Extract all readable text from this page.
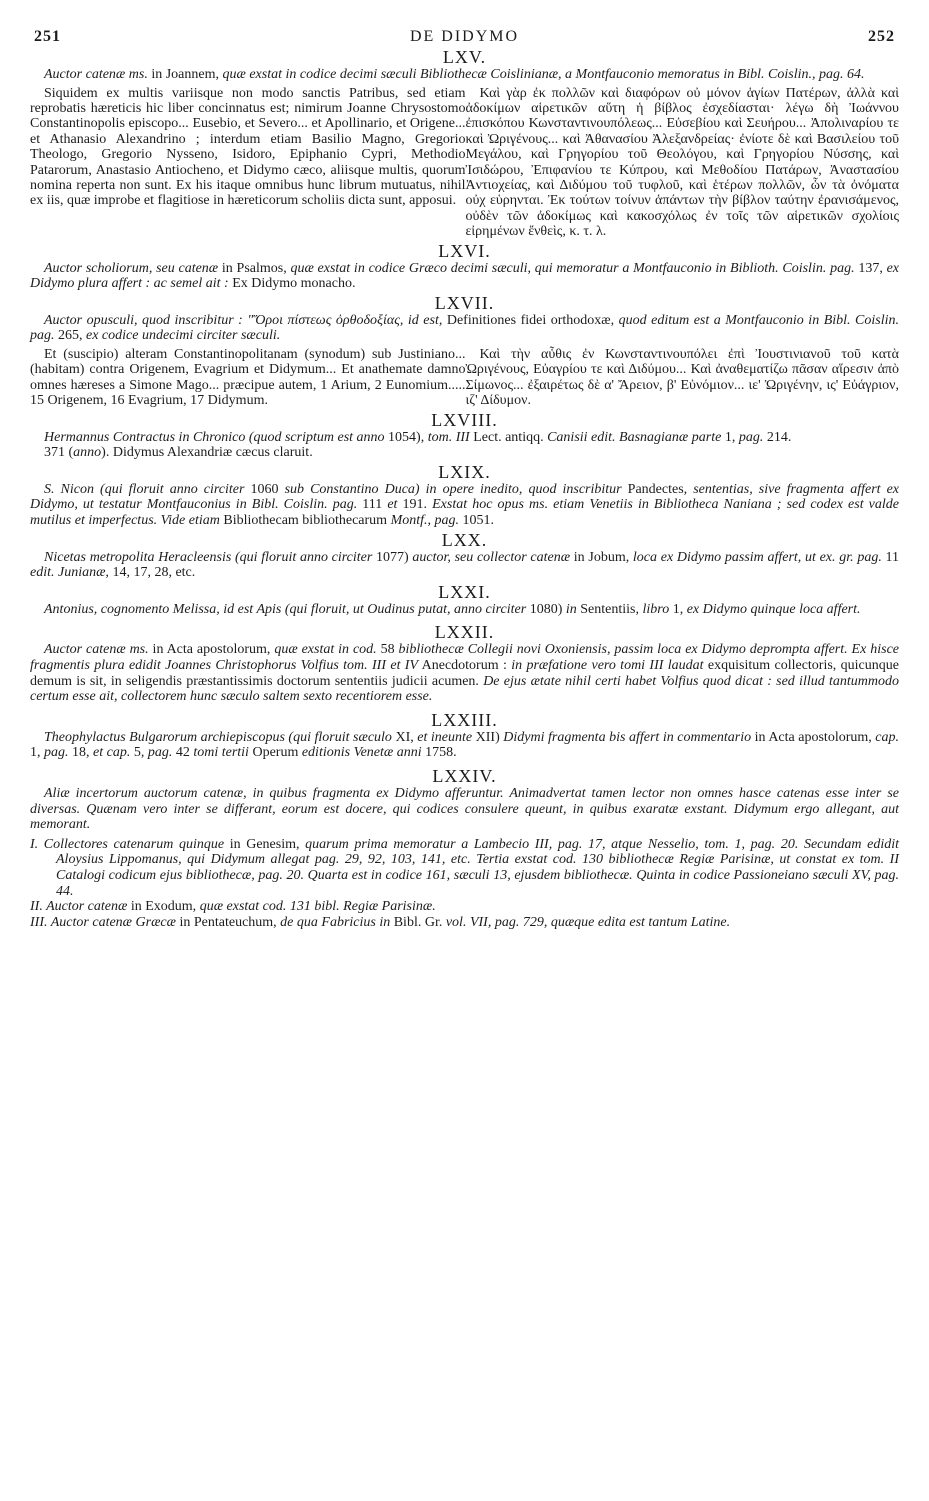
251	DE DIDYMO	252
LXV.

Auctor catenæ ms. in Joannem, quæ exstat in codice decimi sæculi Bibliothecæ Coislinianæ, a Montfauconio memoratus in Bibl. Coislin., pag. 64.

Siquidem ex multis variisque non modo sanctis Patribus, sed etiam reprobatis hæreticis hic liber concinnatus est; nimirum Joanne Chrysostomo Constantinopolis episcopo... Eusebio, et Severo... et Apollinario, et Origene... et Athanasio Alexandrino ; interdum etiam Basilio Magno, Gregorio Theologo, Gregorio Nysseno, Isidoro, Epiphanio Cypri, Methodio Patarorum, Anastasio Antiocheno, et Didymo cæco, aliisque multis, quorum nomina reperta non sunt. Ex his itaque omnibus hunc librum mutuatus, nihil ex iis, quæ improbe et flagitiose in hæreticorum scholiis dicta sunt, apposui.

Καὶ γὰρ ἐκ πολλῶν καὶ διαφόρων οὐ μόνον ἁγίων Πατέρων, ἀλλὰ καὶ ἀδοκίμων αἱρετικῶν αὕτη ἡ βίβλος ἐσχεδίασται· λέγω δὴ Ἰωάννου ἐπισκόπου Κωνσταντινουπόλεως... Εὐσεβίου καὶ Σευήρου... Ἀπολιναρίου τε καὶ Ὠριγένους... καὶ Ἀθανασίου Ἀλεξανδρείας· ἐνίοτε δὲ καὶ Βασιλείου τοῦ Μεγάλου, καὶ Γρηγορίου τοῦ Θεολόγου, καὶ Γρηγορίου Νύσσης, καὶ Ἰσιδώρου, Ἐπιφανίου τε Κύπρου, καὶ Μεθοδίου Πατάρων, Ἀναστασίου Ἀντιοχείας, καὶ Διδύμου τοῦ τυφλοῦ, καὶ ἑτέρων πολλῶν, ὧν τὰ ὀνόματα οὐχ εὑρηνται. Ἐκ τούτων τοίνυν ἁπάντων τὴν βίβλον ταύτην ἐρανισάμενος, οὐδὲν τῶν ἀδοκίμως καὶ κακοσχόλως ἐν τοῖς τῶν αἱρετικῶν σχολίοις εἰρημένων ἔνθεὶς, κ. τ. λ.

LXVI.

Auctor scholiorum, seu catenæ in Psalmos, quæ exstat in codice Græco decimi sæculi, qui memoratur a Montfauconio in Biblioth. Coislin. pag. 137, ex Didymo plura affert : ac semel ait : Ex Didymo monacho.

LXVII.

Auctor opusculi, quod inscribitur : "Ὅροι πίστεως ὀρθοδοξίας, id est, Definitiones fidei orthodoxæ, quod editum est a Montfauconio in Bibl. Coislin. pag. 265, ex codice undecimi circiter sæculi.

Et (suscipio) alteram Constantinopolitanam (synodum) sub Justiniano... (habitam) contra Origenem, Evagrium et Didymum... Et anathemate damno omnes hæreses a Simone Mago... præcipue autem, 1 Arium, 2 Eunomium..... 15 Origenem, 16 Evagrium, 17 Didymum.

Καὶ τὴν αὖθις ἐν Κωνσταντινουπόλει ἐπὶ Ἰουστινιανοῦ τοῦ κατὰ Ὠριγένους, Εὐαγρίου τε καὶ Διδύμου... Καὶ ἀναθεματίζω πᾶσαν αἵρεσιν ἀπὸ Σίμωνος... ἐξαιρέτως δὲ α' Ἄρειον, β' Εὐνόμιον... ιε' Ὠριγένην, ις' Εὐάγριον, ιζ' Δίδυμον.

LXVIII.

Hermannus Contractus in Chronico (quod scriptum est anno 1054), tom. III Lect. antiqq. Canisii edit. Basnagianæ parte 1, pag. 214.

371 (anno). Didymus Alexandriæ cæcus claruit.

LXIX.

S. Nicon (qui floruit anno circiter 1060 sub Constantino Duca) in opere inedito, quod inscribitur Pandectes, sententias, sive fragmenta affert ex Didymo, ut testatur Montfauconius in Bibl. Coislin. pag. 111 et 191. Exstat hoc opus ms. etiam Venetiis in Bibliotheca Naniana ; sed codex est valde mutilus et imperfectus. Vide etiam Bibliothecam bibliothecarum Montf., pag. 1051.

LXX.

Nicetas metropolita Heracleensis (qui floruit anno circiter 1077) auctor, seu collector catenæ in Jobum, loca ex Didymo passim affert, ut ex. gr. pag. 11 edit. Junianæ, 14, 17, 28, etc.

LXXI.

Antonius, cognomento Melissa, id est Apis (qui floruit, ut Oudinus putat, anno circiter 1080) in Sententiis, libro 1, ex Didymo quinque loca affert.

LXXII.

Auctor catenæ ms. in Acta apostolorum, quæ exstat in cod. 58 bibliothecæ Collegii novi Oxoniensis, passim loca ex Didymo deprompta affert. Ex hisce fragmentis plura edidit Joannes Christophorus Volfius tom. III et IV Anecdotorum : in præfatione vero tomi III laudat exquisitum collectoris, quicunque demum is sit, in seligendis præstantissimis doctorum sententiis judicii acumen. De ejus ætate nihil certi habet Volfius quod dicat : sed illud tantummodo certum esse ait, collectorem hunc sæculo saltem sexto recentiorem esse.

LXXIII.

Theophylactus Bulgarorum archiepiscopus (qui floruit sæculo XI, et ineunte XII) Didymi fragmenta bis affert in commentario in Acta apostolorum, cap. 1, pag. 18, et cap. 5, pag. 42 tomi tertii Operum editionis Venetæ anni 1758.

LXXIV.

Aliæ incertorum auctorum catenæ, in quibus fragmenta ex Didymo afferuntur. Animadvertat tamen lector non omnes hasce catenas esse inter se diversas. Quænam vero inter se differant, eorum est docere, qui codices consulere queunt, in quibus exaratæ exstant. Didymum ergo allegant, aut memorant.

I. Collectores catenarum quinque in Genesim, quarum prima memoratur a Lambecio III, pag. 17, atque Nesselio, tom. 1, pag. 20. Secundam edidit Aloysius Lippomanus, qui Didymum allegat pag. 29, 92, 103, 141, etc. Tertia exstat cod. 130 bibliothecæ Regiæ Parisinæ, ut constat ex tom. II Catalogi codicum ejus bibliothecæ, pag. 20. Quarta est in codice 161, sæculi 13, ejusdem bibliothecæ. Quinta in codice Passioneiano sæculi XV, pag. 44.

II. Auctor catenæ in Exodum, quæ exstat cod. 131 bibl. Regiæ Parisinæ.

III. Auctor catenæ Græcæ in Pentateuchum, de qua Fabricius in Bibl. Gr. vol. VII, pag. 729, quæque edita est tantum Latine.
